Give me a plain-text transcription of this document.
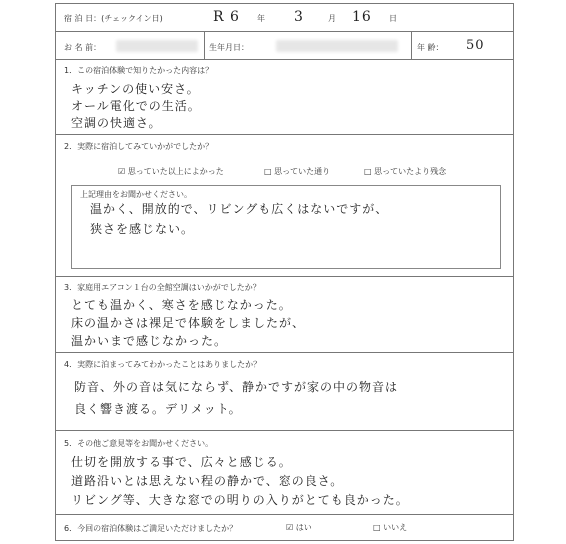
宿 泊 日：(チェックイン日)	R 6 年 3	月 16 日
お 名 前：	生年月日：	年 齢： 50
1．この宿泊体験で知りたかった内容は？
キッチンの使い安さ。
オール電化での生活。
空調の快適さ。
2．実際に宿泊してみていかがでしたか？
☑ 思っていた以上によかった	□ 思っていた通り	□ 思っていたより残念
上記理由をお聞かせください。
温かく、開放的で、リビングも広くはないですが、
狭さを感じない。
3．家庭用エアコン１台の全館空調はいかがでしたか？
とても温かく、寒さを感じなかった。
床の温かさは裸足で体験をしましたが、
温かいまで感じなかった。
4．実際に泊まってみてわかったことはありましたか？
防音、外の音は気にならず、静かですが家の中の物音は
良く響き渡る。デリメット。
5．その他ご意見等をお聞かせください。
仕切を開放する事で、広々と感じる。
道路沿いとは思えない程の静かで、窓の良さ。
リビング等、大きな窓での明りの入りがとても良かった。
6．今回の宿泊体験はご満足いただけましたか？	☑ はい	□ いいえ
